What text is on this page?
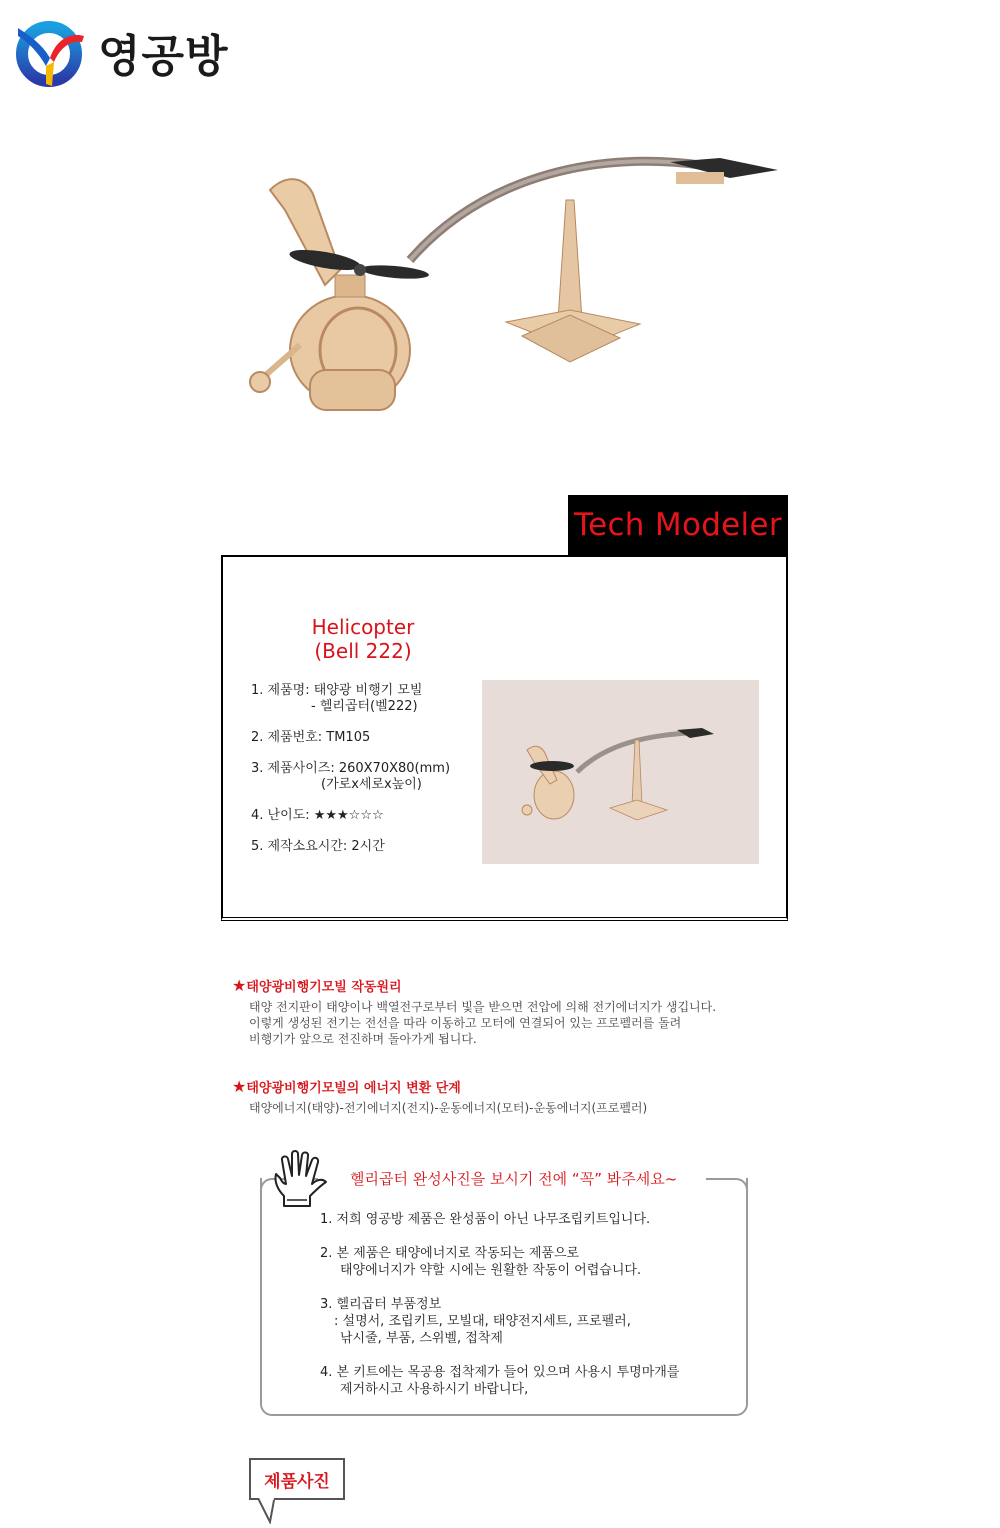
영공방
Tech Modeler
Helicopter
(Bell 222)
1. 제품명: 태양광 비행기 모빌
- 헬리곱터(벨222)
2. 제품번호: TM105
3. 제품사이즈: 260X70X80(mm)
(가로x세로x높이)
4. 난이도: ★★★☆☆☆
5. 제작소요시간: 2시간
★태양광비행기모빌 작동원리
태양 전지판이 태양이나 백열전구로부터 빛을 받으면 전압에 의해 전기에너지가 생깁니다.
이렇게 생성된 전기는 전선을 따라 이동하고 모터에 연결되어 있는 프로펠러를 돌려
비행기가 앞으로 전진하며 돌아가게 됩니다.
★태양광비행기모빌의 에너지 변환 단계
태양에너지(태양)-전기에너지(전지)-운동에너지(모터)-운동에너지(프로펠러)
헬리곱터 완성사진을 보시기 전에 “꼭” 봐주세요~
1. 저희 영공방 제품은 완성품이 아닌 나무조립키트입니다.
2. 본 제품은 태양에너지로 작동되는 제품으로
태양에너지가 약할 시에는 원활한 작동이 어렵습니다.
3. 헬리곱터 부품정보
: 설명서, 조립키트, 모빌대, 태양전지세트, 프로펠러,
낚시줄, 부품, 스위벨, 접착제
4. 본 키트에는 목공용 접착제가 들어 있으며 사용시 투명마개를
제거하시고 사용하시기 바랍니다,
제품사진
